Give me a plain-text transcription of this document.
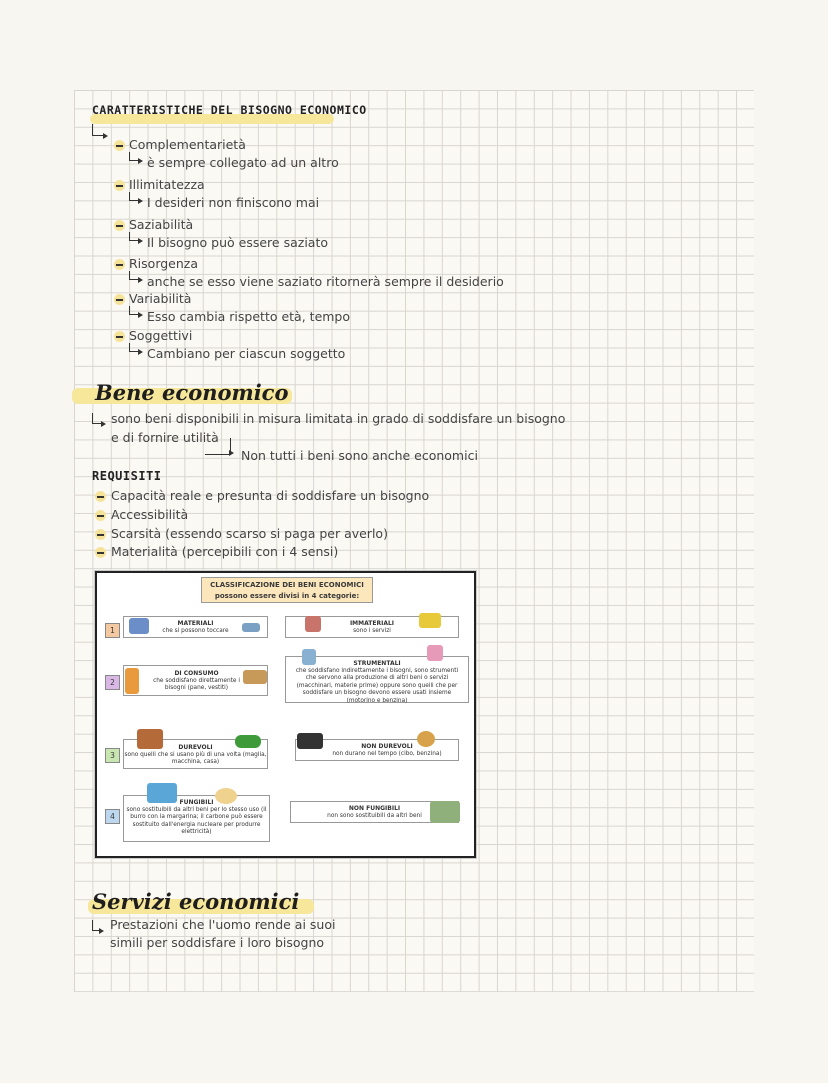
CARATTERISTICHE DEL BISOGNO ECONOMICO
Complementarietà
è sempre collegato ad un altro
Illimitatezza
I desideri non finiscono mai
Saziabilità
Il bisogno può essere saziato
Risorgenza
anche se esso viene saziato ritornerà sempre il desiderio
Variabilità
Esso cambia rispetto età, tempo
Soggettivi
Cambiano per ciascun soggetto
Bene economico
sono beni disponibili in misura limitata in grado di soddisfare un bisogno
e di fornire utilità
Non tutti i beni sono anche economici
REQUISITI
Capacità reale e presunta di soddisfare un bisogno
Accessibilità
Scarsità (essendo scarso si paga per averlo)
Materialità (percepibili con i 4 sensi)
CLASSIFICAZIONE DEI BENI ECONOMICI
possono essere divisi in 4 categorie:
1
MATERIALI
che si possono toccare
IMMATERIALI
sono i servizi
2
DI CONSUMO
che soddisfano direttamente i bisogni (pane, vestiti)
STRUMENTALI
che soddisfano indirettamente i bisogni, sono strumenti che servono alla produzione di altri beni o servizi (macchinari, materie prime) oppure sono quelli che per soddisfare un bisogno devono essere usati insieme (motorino e benzina)
3
DUREVOLI
sono quelli che si usano più di una volta (maglia, macchina, casa)
NON DUREVOLI
non durano nel tempo (cibo, benzina)
4
FUNGIBILI
sono sostituibili da altri beni per lo stesso uso (il burro con la margarina; il carbone può essere sostituito dall'energia nucleare per produrre elettricità)
NON FUNGIBILI
non sono sostituibili da altri beni
Servizi economici
Prestazioni che l'uomo rende ai suoi
simili per soddisfare i loro bisogno
